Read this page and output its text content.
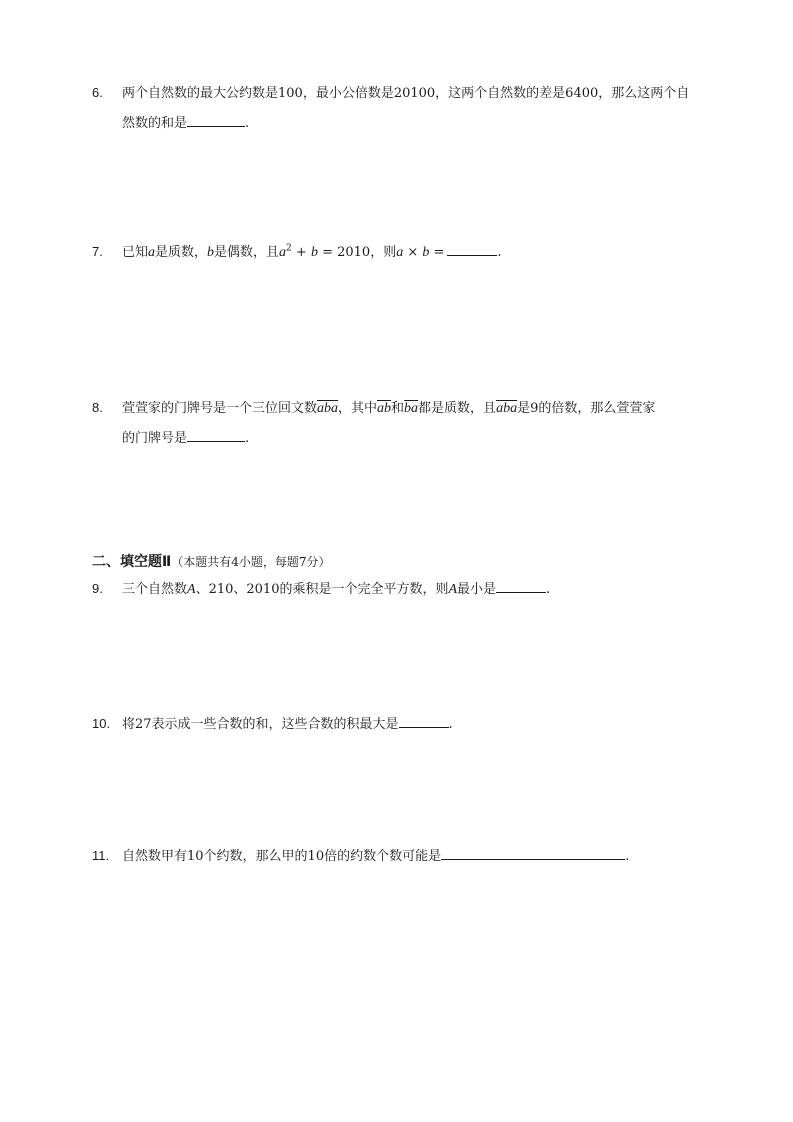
6. 两个自然数的最大公约数是100，最小公倍数是20100，这两个自然数的差是6400，那么这两个自
然数的和是	.
7. 已知a是质数，b是偶数，且$a^2 + b = 2010$，则a × b =	.
8. 萱萱家的门牌号是一个三位回文数$\overline{aba}$，其中$\overline{ab}$和$\overline{ba}$都是质数，且$\overline{aba}$是9的倍数，那么萱萱家
的门牌号是	.
二、填空题Ⅱ（本题共有4小题，每题7分）
9. 三个自然数A、210、2010的乘积是一个完全平方数，则A最小是	.
10. 将27表示成一些合数的和，这些合数的积最大是	.
11. 自然数甲有10个约数，那么甲的10倍的约数个数可能是	.
